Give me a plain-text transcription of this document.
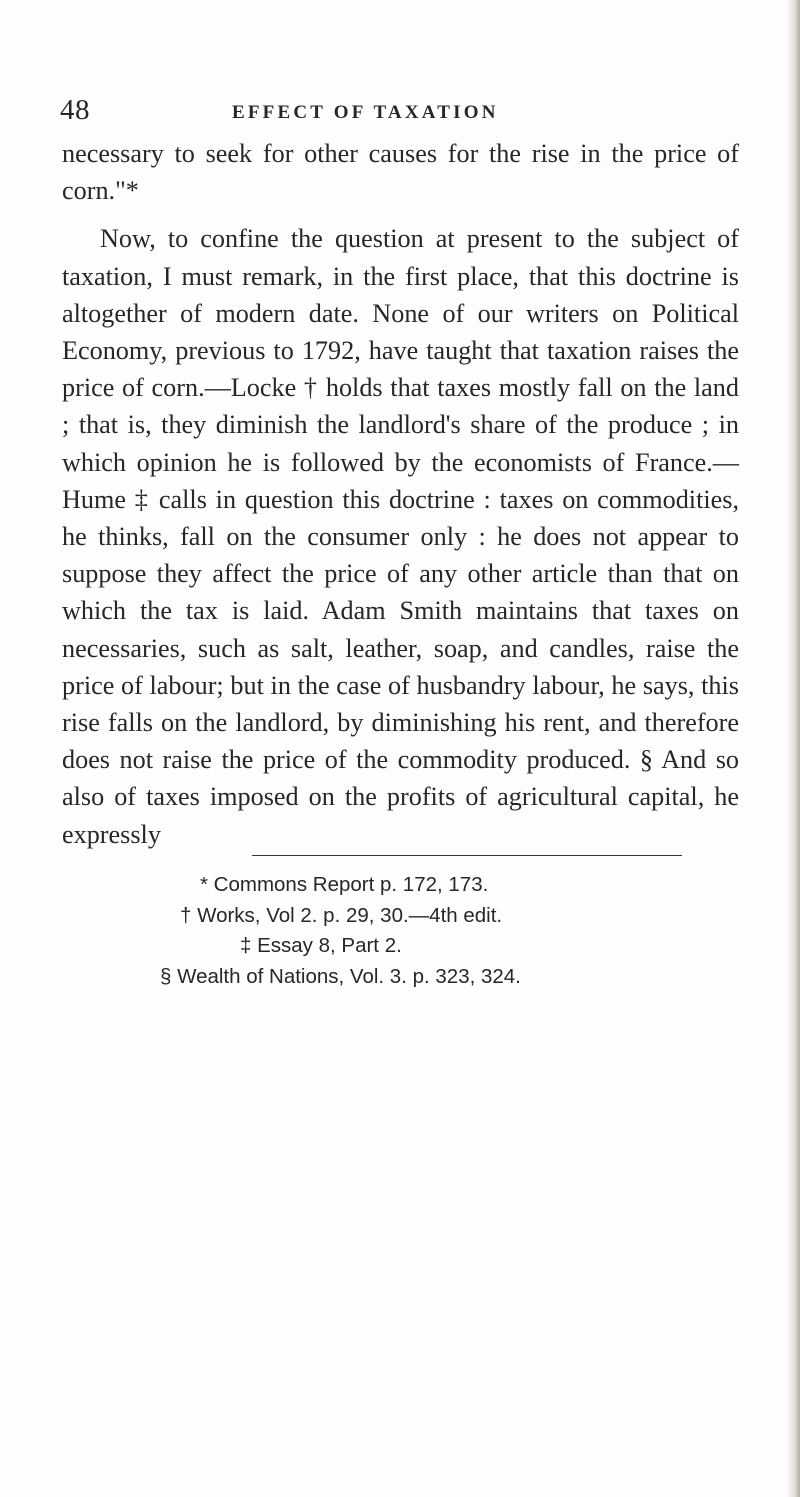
48	EFFECT OF TAXATION

necessary to seek for other causes for the rise in the price of corn."*

Now, to confine the question at present to the subject of taxation, I must remark, in the first place, that this doctrine is altogether of modern date. None of our writers on Political Economy, previous to 1792, have taught that taxation raises the price of corn.—Locke † holds that taxes mostly fall on the land ; that is, they diminish the landlord's share of the produce ; in which opinion he is followed by the economists of France.—Hume ‡ calls in question this doctrine : taxes on commodities, he thinks, fall on the consumer only : he does not appear to suppose they affect the price of any other article than that on which the tax is laid. Adam Smith maintains that taxes on necessaries, such as salt, leather, soap, and candles, raise the price of labour; but in the case of husbandry labour, he says, this rise falls on the landlord, by diminishing his rent, and therefore does not raise the price of the commodity produced. § And so also of taxes imposed on the profits of agricultural capital, he expressly

* Commons Report p. 172, 173.
† Works, Vol 2. p. 29, 30.—4th edit.
‡ Essay 8, Part 2.
§ Wealth of Nations, Vol. 3. p. 323, 324.
